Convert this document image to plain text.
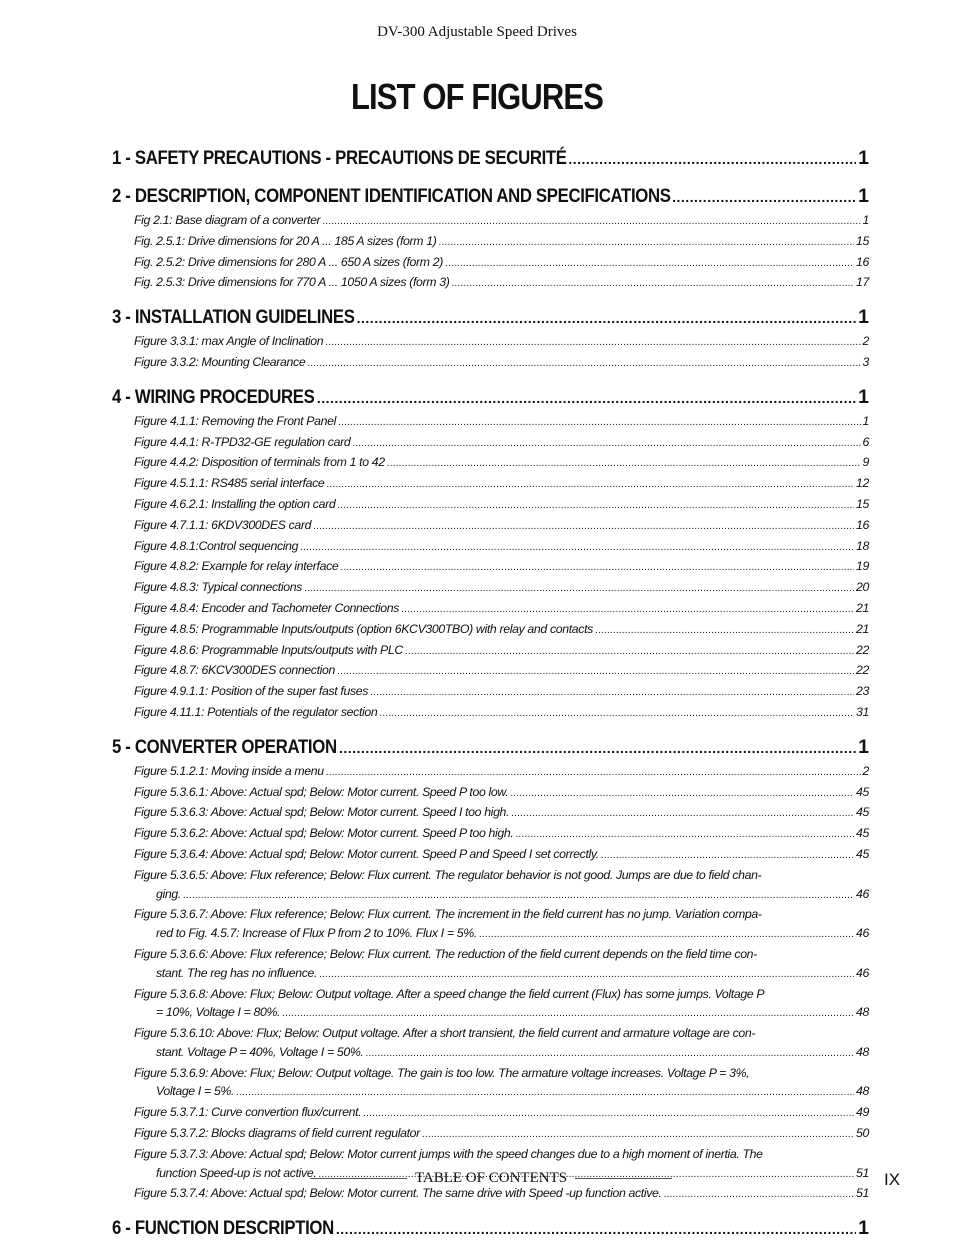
DV-300 Adjustable Speed Drives
LIST OF FIGURES
1 - SAFETY PRECAUTIONS - PRECAUTIONS DE SECURITÉ .....	1
2 - DESCRIPTION, COMPONENT IDENTIFICATION AND SPECIFICATIONS .....	1
Fig 2.1: Base diagram of a converter .....	1
Fig. 2.5.1: Drive dimensions for 20 A ... 185 A sizes (form 1) .....	15
Fig. 2.5.2: Drive dimensions for 280 A ... 650 A sizes (form 2) .....	16
Fig. 2.5.3: Drive dimensions for 770 A ... 1050 A sizes (form 3) .....	17
3 - INSTALLATION GUIDELINES .....	1
Figure 3.3.1: max Angle of Inclination .....	2
Figure 3.3.2: Mounting Clearance .....	3
4 - WIRING PROCEDURES .....	1
Figure 4.1.1: Removing the Front Panel .....	1
Figure 4.4.1: R-TPD32-GE regulation card .....	6
Figure 4.4.2: Disposition of terminals from 1 to 42 .....	9
Figure 4.5.1.1: RS485 serial interface .....	12
Figure 4.6.2.1: Installing the option card .....	15
Figure 4.7.1.1: 6KDV300DES card .....	16
Figure 4.8.1:Control sequencing .....	18
Figure 4.8.2: Example for relay interface .....	19
Figure 4.8.3: Typical connections .....	20
Figure 4.8.4: Encoder and Tachometer Connections .....	21
Figure 4.8.5: Programmable Inputs/outputs (option 6KCV300TBO) with relay and contacts .....	21
Figure 4.8.6: Programmable Inputs/outputs with PLC .....	22
Figure 4.8.7: 6KCV300DES connection .....	22
Figure 4.9.1.1: Position of the super fast fuses .....	23
Figure 4.11.1: Potentials of the regulator section .....	31
5 - CONVERTER OPERATION .....	1
Figure 5.1.2.1: Moving inside a menu .....	2
Figure 5.3.6.1: Above: Actual spd; Below: Motor current. Speed P too low. .....	45
Figure 5.3.6.3: Above: Actual spd; Below: Motor current. Speed I too high. .....	45
Figure 5.3.6.2: Above: Actual spd; Below: Motor current. Speed P too high. .....	45
Figure 5.3.6.4: Above: Actual spd; Below: Motor current. Speed P and Speed I set correctly. .....	45
Figure 5.3.6.5: Above: Flux reference; Below: Flux current. The regulator behavior is not good. Jumps are due to field chan-
ging. .....	46
Figure 5.3.6.7: Above: Flux reference; Below: Flux current. The increment in the field current has no jump. Variation compa-
red to Fig. 4.5.7: Increase of Flux P from 2 to 10%. Flux I = 5%. .....	46
Figure 5.3.6.6: Above: Flux reference; Below: Flux current. The reduction of the field current depends on the field time con-
stant. The reg has no influence. .....	46
Figure 5.3.6.8: Above: Flux; Below: Output voltage. After a speed change the field current (Flux) has some jumps. Voltage P
= 10%, Voltage I = 80%. .....	48
Figure 5.3.6.10: Above: Flux; Below: Output voltage. After a short transient, the field current and armature voltage are con-
stant. Voltage P = 40%, Voltage I = 50%. .....	48
Figure 5.3.6.9: Above: Flux; Below: Output voltage. The gain is too low. The armature voltage increases. Voltage P = 3%,
Voltage I = 5%. .....	48
Figure 5.3.7.1: Curve convertion flux/current. .....	49
Figure 5.3.7.2: Blocks diagrams of field current regulator .....	50
Figure 5.3.7.3: Above: Actual spd; Below: Motor current jumps with the speed changes due to a high moment of inertia. The
function Speed-up is not active. .....	51
Figure 5.3.7.4: Above: Actual spd; Below: Motor current. The same drive with Speed -up function active. .....	51
6 - FUNCTION DESCRIPTION .....	1
TABLE OF CONTENTS	IX
